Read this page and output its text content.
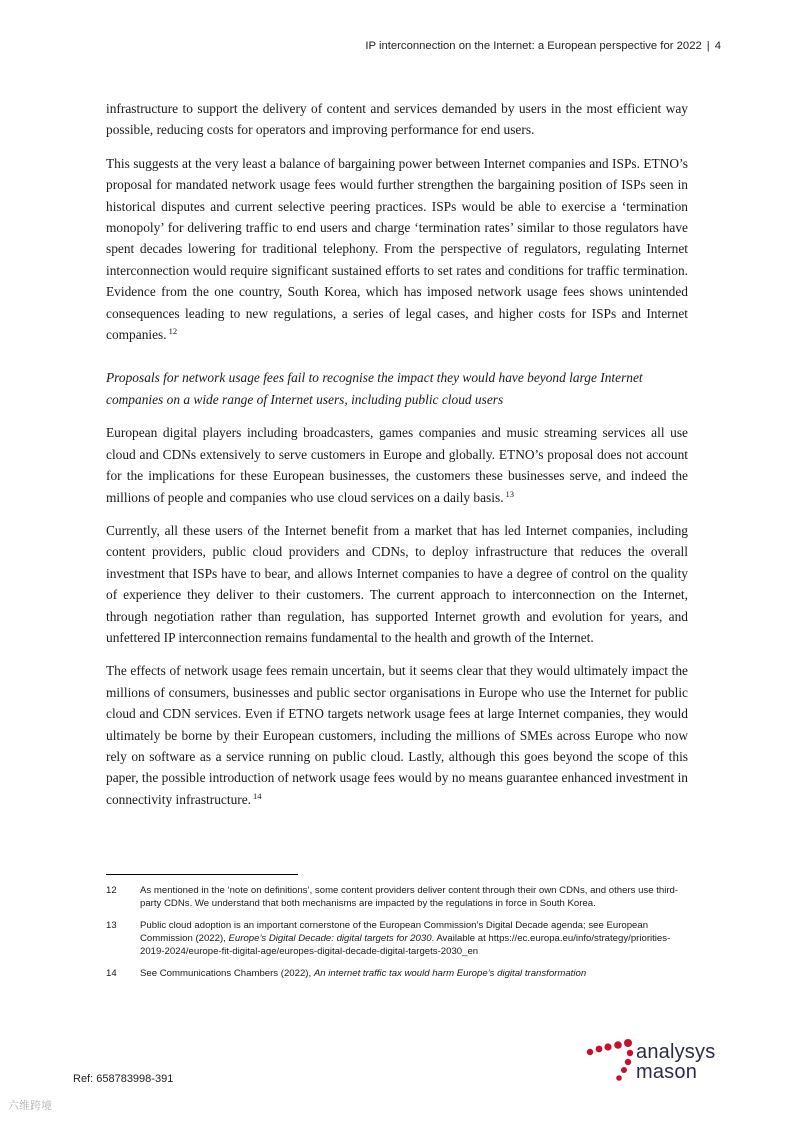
IP interconnection on the Internet: a European perspective for 2022 | 4

infrastructure to support the delivery of content and services demanded by users in the most efficient way possible, reducing costs for operators and improving performance for end users.

This suggests at the very least a balance of bargaining power between Internet companies and ISPs. ETNO’s proposal for mandated network usage fees would further strengthen the bargaining position of ISPs seen in historical disputes and current selective peering practices. ISPs would be able to exercise a ‘termination monopoly’ for delivering traffic to end users and charge ‘termination rates’ similar to those regulators have spent decades lowering for traditional telephony. From the perspective of regulators, regulating Internet interconnection would require significant sustained efforts to set rates and conditions for traffic termination. Evidence from the one country, South Korea, which has imposed network usage fees shows unintended consequences leading to new regulations, a series of legal cases, and higher costs for ISPs and Internet companies. $^{12}$

Proposals for network usage fees fail to recognise the impact they would have beyond large Internet companies on a wide range of Internet users, including public cloud users

European digital players including broadcasters, games companies and music streaming services all use cloud and CDNs extensively to serve customers in Europe and globally. ETNO’s proposal does not account for the implications for these European businesses, the customers these businesses serve, and indeed the millions of people and companies who use cloud services on a daily basis. $^{13}$

Currently, all these users of the Internet benefit from a market that has led Internet companies, including content providers, public cloud providers and CDNs, to deploy infrastructure that reduces the overall investment that ISPs have to bear, and allows Internet companies to have a degree of control on the quality of experience they deliver to their customers. The current approach to interconnection on the Internet, through negotiation rather than regulation, has supported Internet growth and evolution for years, and unfettered IP interconnection remains fundamental to the health and growth of the Internet.

The effects of network usage fees remain uncertain, but it seems clear that they would ultimately impact the millions of consumers, businesses and public sector organisations in Europe who use the Internet for public cloud and CDN services. Even if ETNO targets network usage fees at large Internet companies, they would ultimately be borne by their European customers, including the millions of SMEs across Europe who now rely on software as a service running on public cloud. Lastly, although this goes beyond the scope of this paper, the possible introduction of network usage fees would by no means guarantee enhanced investment in connectivity infrastructure. $^{14}$

12	As mentioned in the ‘note on definitions’, some content providers deliver content through their own CDNs, and others use third-party CDNs. We understand that both mechanisms are impacted by the regulations in force in South Korea.
13	Public cloud adoption is an important cornerstone of the European Commission’s Digital Decade agenda; see European Commission (2022), Europe’s Digital Decade: digital targets for 2030. Available at https://ec.europa.eu/info/strategy/priorities-2019-2024/europe-fit-digital-age/europes-digital-decade-digital-targets-2030_en
14	See Communications Chambers (2022), An internet traffic tax would harm Europe’s digital transformation
Ref: 658783998-391
analysys
mason
六维跨境
